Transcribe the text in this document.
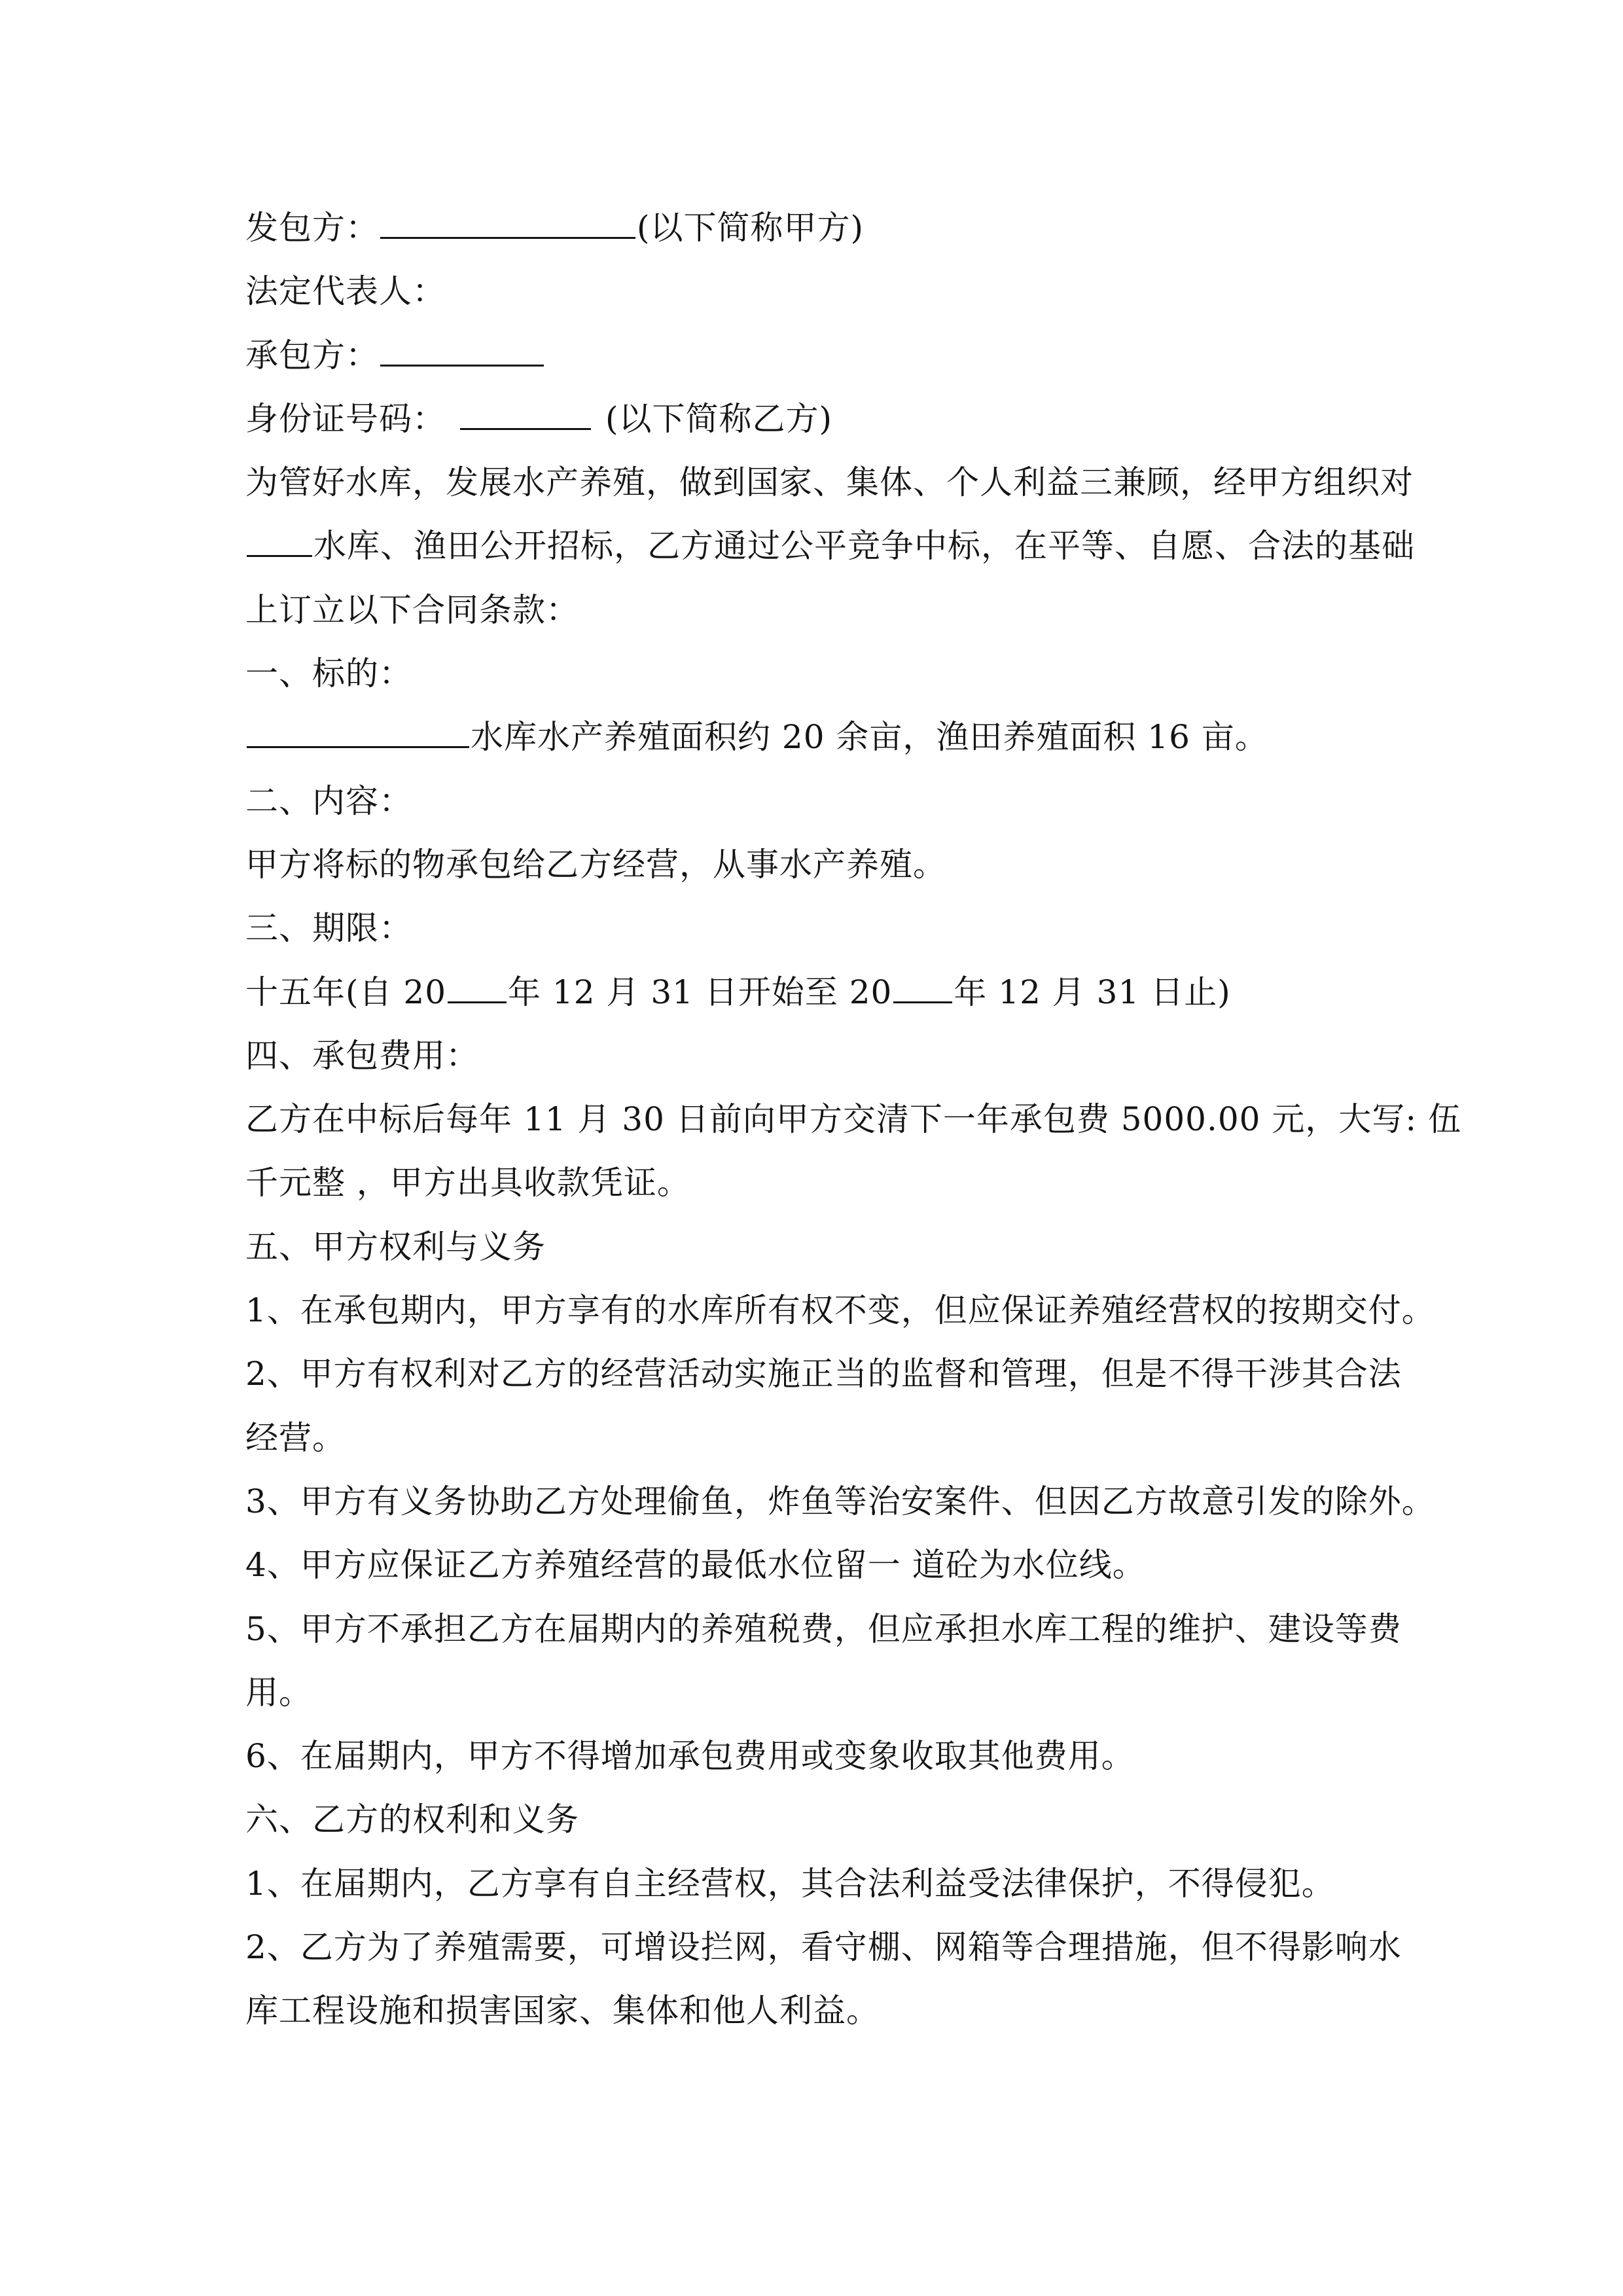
发包方：	(以下简称甲方)
法定代表人：
承包方：
身份证号码：	(以下简称乙方)
为管好水库，发展水产养殖，做到国家、集体、个人利益三兼顾，经甲方组织对
水库、渔田公开招标，乙方通过公平竞争中标，在平等、自愿、合法的基础
上订立以下合同条款：
一、标的：
水库水产养殖面积约 20 余亩，渔田养殖面积 16 亩。
二、内容：
甲方将标的物承包给乙方经营，从事水产养殖。
三、期限：
十五年(自 20 年 12 月 31 日开始至 20 年 12 月 31 日止)
四、承包费用：
乙方在中标后每年 11 月 30 日前向甲方交清下一年承包费 5000.00 元，大写: 伍
千元整 ，甲方出具收款凭证。
五、甲方权利与义务
1、在承包期内，甲方享有的水库所有权不变，但应保证养殖经营权的按期交付。
2、甲方有权利对乙方的经营活动实施正当的监督和管理，但是不得干涉其合法
经营。
3、甲方有义务协助乙方处理偷鱼，炸鱼等治安案件、但因乙方故意引发的除外。
4、甲方应保证乙方养殖经营的最低水位留一 道砼为水位线。
5、甲方不承担乙方在届期内的养殖税费，但应承担水库工程的维护、建设等费
用。
6、在届期内，甲方不得增加承包费用或变象收取其他费用。
六、乙方的权利和义务
1、在届期内，乙方享有自主经营权，其合法利益受法律保护，不得侵犯。
2、乙方为了养殖需要，可增设拦网，看守棚、网箱等合理措施，但不得影响水
库工程设施和损害国家、集体和他人利益。
